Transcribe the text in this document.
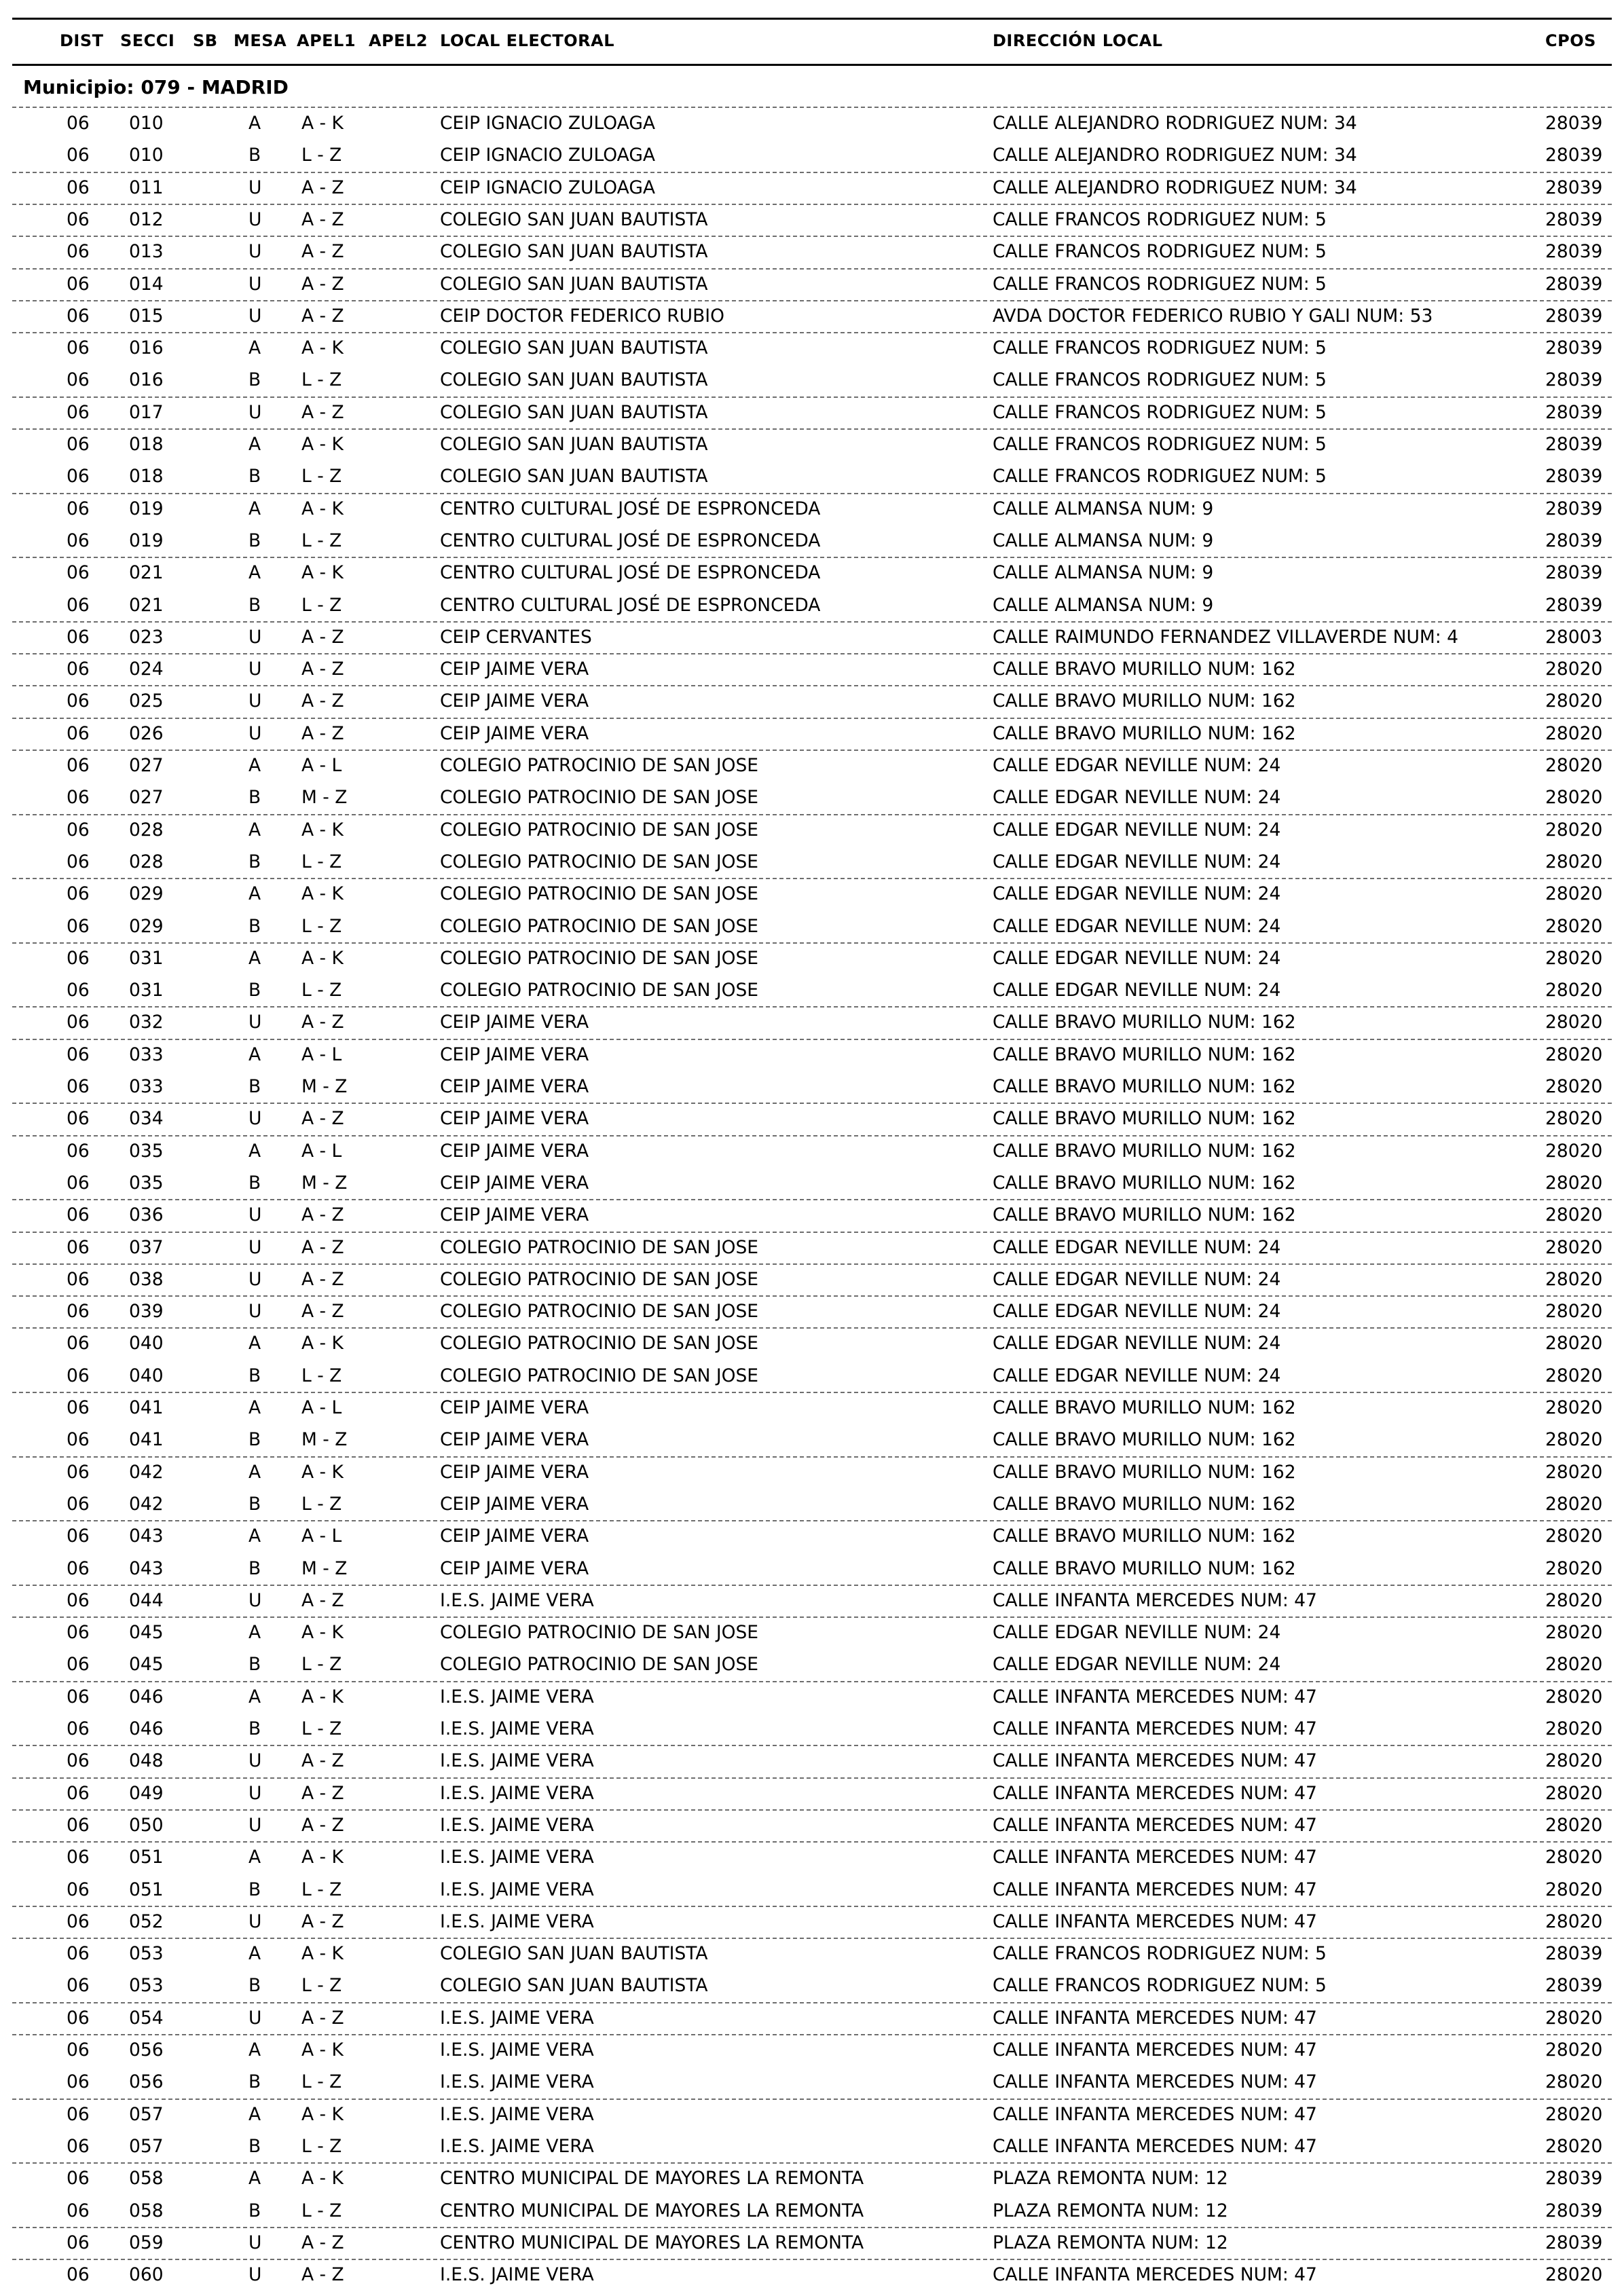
DIST SECCI SB MESA APEL1 APEL2 LOCAL ELECTORAL	DIRECCIÓN LOCAL	CPOS
Municipio: 079 - MADRID
06 010	A A - K	CEIP IGNACIO ZULOAGA	CALLE ALEJANDRO RODRIGUEZ NUM: 34	28039
06 010	B L - Z	CEIP IGNACIO ZULOAGA	CALLE ALEJANDRO RODRIGUEZ NUM: 34	28039
06 011	U A - Z	CEIP IGNACIO ZULOAGA	CALLE ALEJANDRO RODRIGUEZ NUM: 34	28039
06 012	U A - Z	COLEGIO SAN JUAN BAUTISTA	CALLE FRANCOS RODRIGUEZ NUM: 5	28039
06 013	U A - Z	COLEGIO SAN JUAN BAUTISTA	CALLE FRANCOS RODRIGUEZ NUM: 5	28039
06 014	U A - Z	COLEGIO SAN JUAN BAUTISTA	CALLE FRANCOS RODRIGUEZ NUM: 5	28039
06 015	U A - Z	CEIP DOCTOR FEDERICO RUBIO	AVDA DOCTOR FEDERICO RUBIO Y GALI NUM: 53	28039
06 016	A A - K	COLEGIO SAN JUAN BAUTISTA	CALLE FRANCOS RODRIGUEZ NUM: 5	28039
06 016	B L - Z	COLEGIO SAN JUAN BAUTISTA	CALLE FRANCOS RODRIGUEZ NUM: 5	28039
06 017	U A - Z	COLEGIO SAN JUAN BAUTISTA	CALLE FRANCOS RODRIGUEZ NUM: 5	28039
06 018	A A - K	COLEGIO SAN JUAN BAUTISTA	CALLE FRANCOS RODRIGUEZ NUM: 5	28039
06 018	B L - Z	COLEGIO SAN JUAN BAUTISTA	CALLE FRANCOS RODRIGUEZ NUM: 5	28039
06 019	A A - K	CENTRO CULTURAL JOSÉ DE ESPRONCEDA	CALLE ALMANSA NUM: 9	28039
06 019	B L - Z	CENTRO CULTURAL JOSÉ DE ESPRONCEDA	CALLE ALMANSA NUM: 9	28039
06 021	A A - K	CENTRO CULTURAL JOSÉ DE ESPRONCEDA	CALLE ALMANSA NUM: 9	28039
06 021	B L - Z	CENTRO CULTURAL JOSÉ DE ESPRONCEDA	CALLE ALMANSA NUM: 9	28039
06 023	U A - Z	CEIP CERVANTES	CALLE RAIMUNDO FERNANDEZ VILLAVERDE NUM: 4	28003
06 024	U A - Z	CEIP JAIME VERA	CALLE BRAVO MURILLO NUM: 162	28020
06 025	U A - Z	CEIP JAIME VERA	CALLE BRAVO MURILLO NUM: 162	28020
06 026	U A - Z	CEIP JAIME VERA	CALLE BRAVO MURILLO NUM: 162	28020
06 027	A A - L	COLEGIO PATROCINIO DE SAN JOSE	CALLE EDGAR NEVILLE NUM: 24	28020
06 027	B M - Z	COLEGIO PATROCINIO DE SAN JOSE	CALLE EDGAR NEVILLE NUM: 24	28020
06 028	A A - K	COLEGIO PATROCINIO DE SAN JOSE	CALLE EDGAR NEVILLE NUM: 24	28020
06 028	B L - Z	COLEGIO PATROCINIO DE SAN JOSE	CALLE EDGAR NEVILLE NUM: 24	28020
06 029	A A - K	COLEGIO PATROCINIO DE SAN JOSE	CALLE EDGAR NEVILLE NUM: 24	28020
06 029	B L - Z	COLEGIO PATROCINIO DE SAN JOSE	CALLE EDGAR NEVILLE NUM: 24	28020
06 031	A A - K	COLEGIO PATROCINIO DE SAN JOSE	CALLE EDGAR NEVILLE NUM: 24	28020
06 031	B L - Z	COLEGIO PATROCINIO DE SAN JOSE	CALLE EDGAR NEVILLE NUM: 24	28020
06 032	U A - Z	CEIP JAIME VERA	CALLE BRAVO MURILLO NUM: 162	28020
06 033	A A - L	CEIP JAIME VERA	CALLE BRAVO MURILLO NUM: 162	28020
06 033	B M - Z	CEIP JAIME VERA	CALLE BRAVO MURILLO NUM: 162	28020
06 034	U A - Z	CEIP JAIME VERA	CALLE BRAVO MURILLO NUM: 162	28020
06 035	A A - L	CEIP JAIME VERA	CALLE BRAVO MURILLO NUM: 162	28020
06 035	B M - Z	CEIP JAIME VERA	CALLE BRAVO MURILLO NUM: 162	28020
06 036	U A - Z	CEIP JAIME VERA	CALLE BRAVO MURILLO NUM: 162	28020
06 037	U A - Z	COLEGIO PATROCINIO DE SAN JOSE	CALLE EDGAR NEVILLE NUM: 24	28020
06 038	U A - Z	COLEGIO PATROCINIO DE SAN JOSE	CALLE EDGAR NEVILLE NUM: 24	28020
06 039	U A - Z	COLEGIO PATROCINIO DE SAN JOSE	CALLE EDGAR NEVILLE NUM: 24	28020
06 040	A A - K	COLEGIO PATROCINIO DE SAN JOSE	CALLE EDGAR NEVILLE NUM: 24	28020
06 040	B L - Z	COLEGIO PATROCINIO DE SAN JOSE	CALLE EDGAR NEVILLE NUM: 24	28020
06 041	A A - L	CEIP JAIME VERA	CALLE BRAVO MURILLO NUM: 162	28020
06 041	B M - Z	CEIP JAIME VERA	CALLE BRAVO MURILLO NUM: 162	28020
06 042	A A - K	CEIP JAIME VERA	CALLE BRAVO MURILLO NUM: 162	28020
06 042	B L - Z	CEIP JAIME VERA	CALLE BRAVO MURILLO NUM: 162	28020
06 043	A A - L	CEIP JAIME VERA	CALLE BRAVO MURILLO NUM: 162	28020
06 043	B M - Z	CEIP JAIME VERA	CALLE BRAVO MURILLO NUM: 162	28020
06 044	U A - Z	I.E.S. JAIME VERA	CALLE INFANTA MERCEDES NUM: 47	28020
06 045	A A - K	COLEGIO PATROCINIO DE SAN JOSE	CALLE EDGAR NEVILLE NUM: 24	28020
06 045	B L - Z	COLEGIO PATROCINIO DE SAN JOSE	CALLE EDGAR NEVILLE NUM: 24	28020
06 046	A A - K	I.E.S. JAIME VERA	CALLE INFANTA MERCEDES NUM: 47	28020
06 046	B L - Z	I.E.S. JAIME VERA	CALLE INFANTA MERCEDES NUM: 47	28020
06 048	U A - Z	I.E.S. JAIME VERA	CALLE INFANTA MERCEDES NUM: 47	28020
06 049	U A - Z	I.E.S. JAIME VERA	CALLE INFANTA MERCEDES NUM: 47	28020
06 050	U A - Z	I.E.S. JAIME VERA	CALLE INFANTA MERCEDES NUM: 47	28020
06 051	A A - K	I.E.S. JAIME VERA	CALLE INFANTA MERCEDES NUM: 47	28020
06 051	B L - Z	I.E.S. JAIME VERA	CALLE INFANTA MERCEDES NUM: 47	28020
06 052	U A - Z	I.E.S. JAIME VERA	CALLE INFANTA MERCEDES NUM: 47	28020
06 053	A A - K	COLEGIO SAN JUAN BAUTISTA	CALLE FRANCOS RODRIGUEZ NUM: 5	28039
06 053	B L - Z	COLEGIO SAN JUAN BAUTISTA	CALLE FRANCOS RODRIGUEZ NUM: 5	28039
06 054	U A - Z	I.E.S. JAIME VERA	CALLE INFANTA MERCEDES NUM: 47	28020
06 056	A A - K	I.E.S. JAIME VERA	CALLE INFANTA MERCEDES NUM: 47	28020
06 056	B L - Z	I.E.S. JAIME VERA	CALLE INFANTA MERCEDES NUM: 47	28020
06 057	A A - K	I.E.S. JAIME VERA	CALLE INFANTA MERCEDES NUM: 47	28020
06 057	B L - Z	I.E.S. JAIME VERA	CALLE INFANTA MERCEDES NUM: 47	28020
06 058	A A - K	CENTRO MUNICIPAL DE MAYORES LA REMONTA	PLAZA REMONTA NUM: 12	28039
06 058	B L - Z	CENTRO MUNICIPAL DE MAYORES LA REMONTA	PLAZA REMONTA NUM: 12	28039
06 059	U A - Z	CENTRO MUNICIPAL DE MAYORES LA REMONTA	PLAZA REMONTA NUM: 12	28039
06 060	U A - Z	I.E.S. JAIME VERA	CALLE INFANTA MERCEDES NUM: 47	28020
